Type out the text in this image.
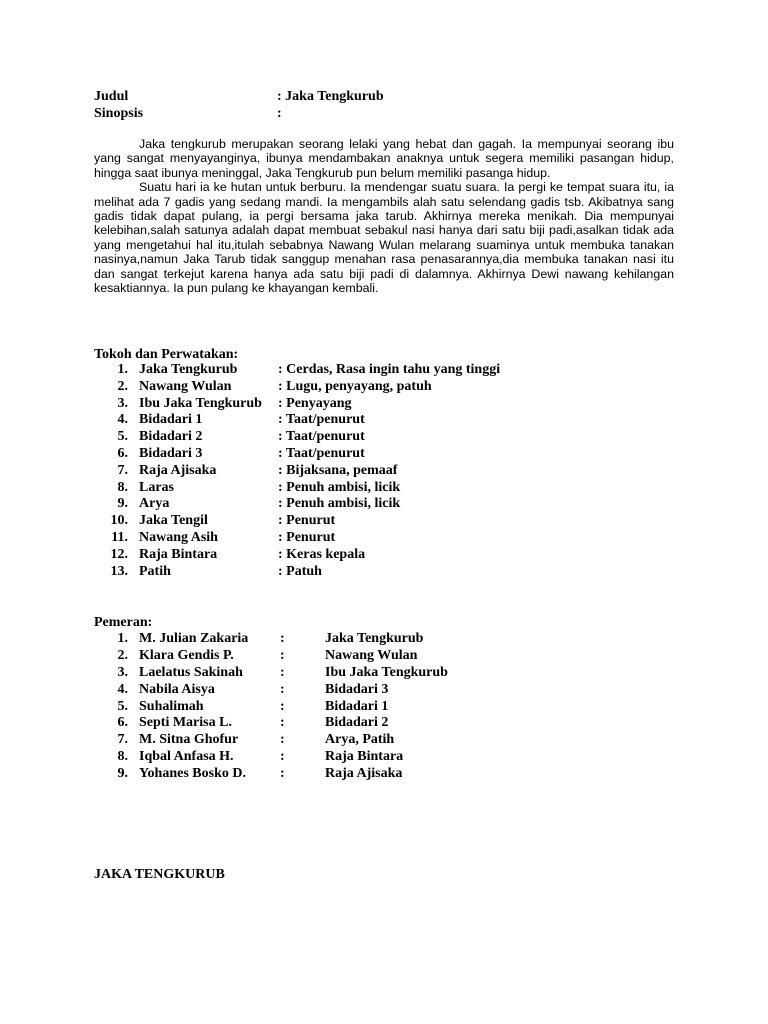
Judul	: Jaka Tengkurub
Sinopsis	:

Jaka tengkurub merupakan seorang lelaki yang hebat dan gagah. Ia mempunyai seorang ibu yang sangat menyayanginya, ibunya mendambakan anaknya untuk segera memiliki pasangan hidup, hingga saat ibunya meninggal, Jaka Tengkurub pun belum memiliki pasanga hidup.

Suatu hari ia ke hutan untuk berburu. Ia mendengar suatu suara. Ia pergi ke tempat suara itu, ia melihat ada 7 gadis yang sedang mandi. Ia mengambils alah satu selendang gadis tsb. Akibatnya sang gadis tidak dapat pulang, ia pergi bersama jaka tarub. Akhirnya mereka menikah. Dia mempunyai kelebihan,salah satunya adalah dapat membuat sebakul nasi hanya dari satu biji padi,asalkan tidak ada yang mengetahui hal itu,itulah sebabnya Nawang Wulan melarang suaminya untuk membuka tanakan nasinya,namun Jaka Tarub tidak sanggup menahan rasa penasarannya,dia membuka tanakan nasi itu dan sangat terkejut karena hanya ada satu biji padi di dalamnya. Akhirnya Dewi nawang kehilangan kesaktiannya. Ia pun pulang ke khayangan kembali.

Tokoh dan Perwatakan:
1. Jaka Tengkurub	: Cerdas, Rasa ingin tahu yang tinggi
2. Nawang Wulan	: Lugu, penyayang, patuh
3. Ibu Jaka Tengkurub : Penyayang
4. Bidadari 1	: Taat/penurut
5. Bidadari 2	: Taat/penurut
6. Bidadari 3	: Taat/penurut
7. Raja Ajisaka	: Bijaksana, pemaaf
8. Laras	: Penuh ambisi, licik
9. Arya	: Penuh ambisi, licik
10. Jaka Tengil	: Penurut
11. Nawang Asih	: Penurut
12. Raja Bintara	: Keras kepala
13. Patih	: Patuh
Pemeran:
1. M. Julian Zakaria :	Jaka Tengkurub
2. Klara Gendis P.	:	Nawang Wulan
3. Laelatus Sakinah	:	Ibu Jaka Tengkurub
4. Nabila Aisya	:	Bidadari 3
5. Suhalimah	:	Bidadari 1
6. Septi Marisa L.	:	Bidadari 2
7. M. Sitna Ghofur	:	Arya, Patih
8. Iqbal Anfasa H.	:	Raja Bintara
9. Yohanes Bosko D. :	Raja Ajisaka
JAKA TENGKURUB
